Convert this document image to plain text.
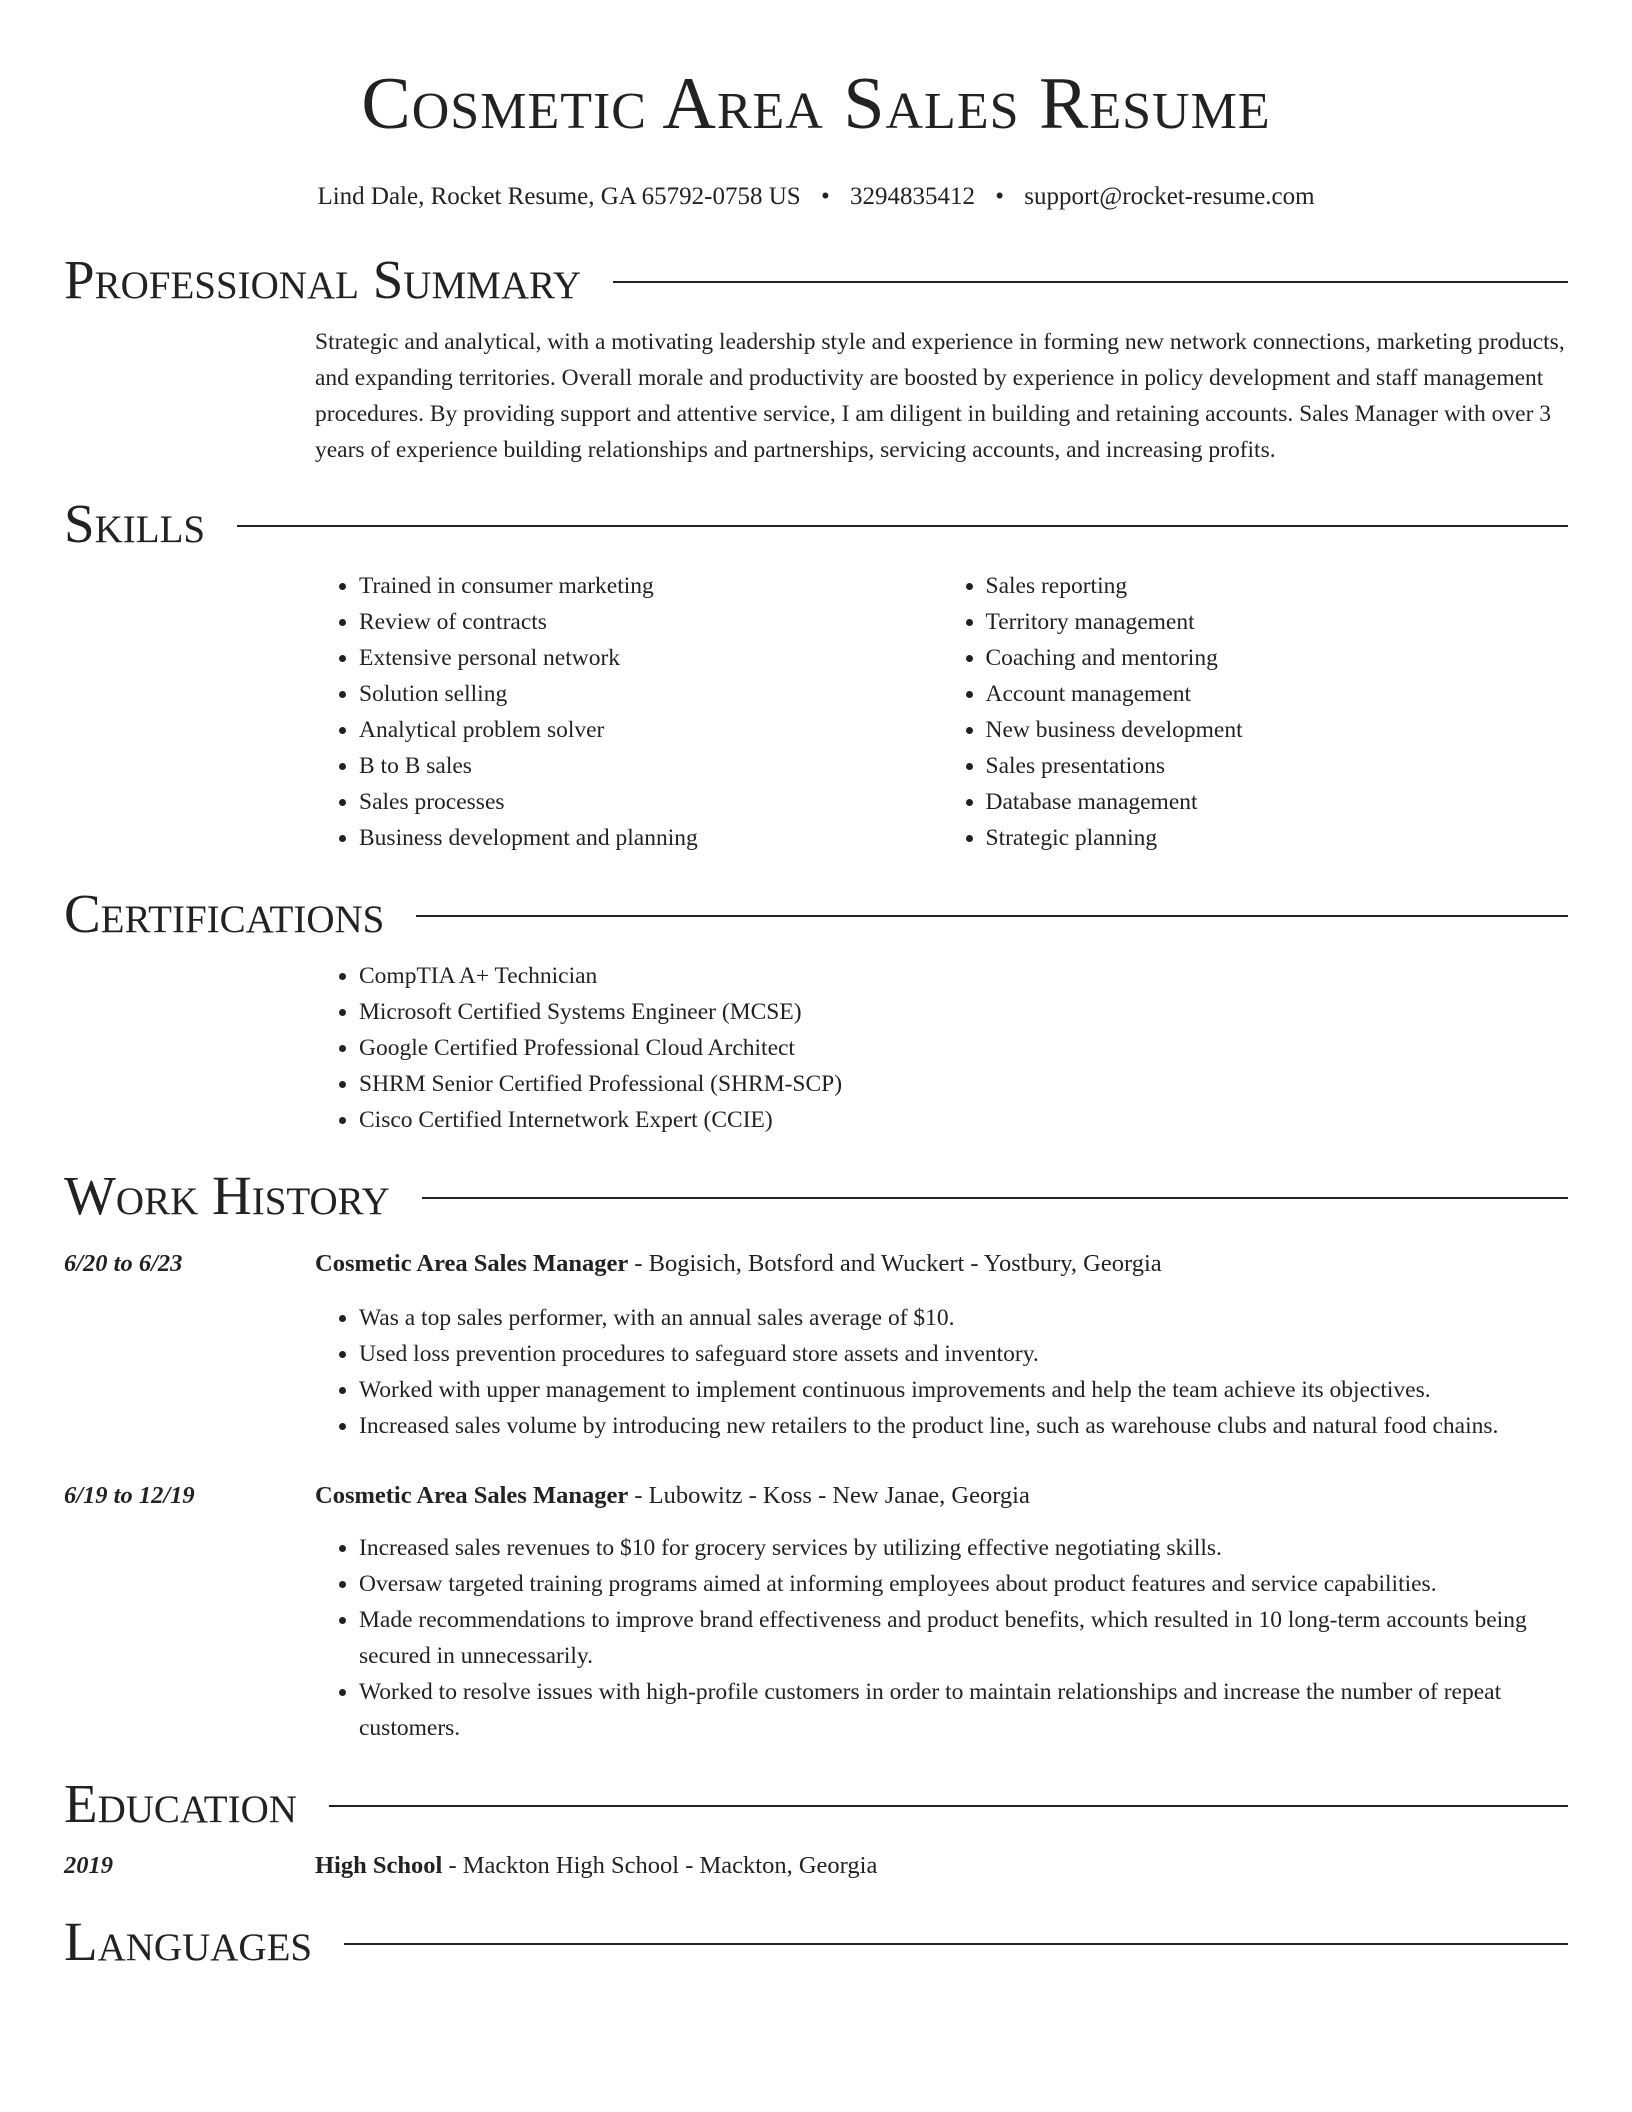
Cosmetic Area Sales Resume
Lind Dale, Rocket Resume, GA 65792-0758 US • 3294835412 • support@rocket-resume.com
Professional Summary

Strategic and analytical, with a motivating leadership style and experience in forming new network connections, marketing products, and expanding territories. Overall morale and productivity are boosted by experience in policy development and staff management procedures. By providing support and attentive service, I am diligent in building and retaining accounts. Sales Manager with over 3 years of experience building relationships and partnerships, servicing accounts, and increasing profits.

Skills
• Trained in consumer marketing
• Review of contracts
• Extensive personal network
• Solution selling
• Analytical problem solver
• B to B sales
• Sales processes
• Business development and planning
• Sales reporting
• Territory management
• Coaching and mentoring
• Account management
• New business development
• Sales presentations
• Database management
• Strategic planning
Certifications
• CompTIA A+ Technician
• Microsoft Certified Systems Engineer (MCSE)
• Google Certified Professional Cloud Architect
• SHRM Senior Certified Professional (SHRM-SCP)
• Cisco Certified Internetwork Expert (CCIE)
Work History
6/20 to 6/23	Cosmetic Area Sales Manager - Bogisich, Botsford and Wuckert - Yostbury, Georgia
• Was a top sales performer, with an annual sales average of $10.
• Used loss prevention procedures to safeguard store assets and inventory.
• Worked with upper management to implement continuous improvements and help the team achieve its objectives.
• Increased sales volume by introducing new retailers to the product line, such as warehouse clubs and natural food chains.
6/19 to 12/19	Cosmetic Area Sales Manager - Lubowitz - Koss - New Janae, Georgia
• Increased sales revenues to $10 for grocery services by utilizing effective negotiating skills.
• Oversaw targeted training programs aimed at informing employees about product features and service capabilities.
• Made recommendations to improve brand effectiveness and product benefits, which resulted in 10 long-term accounts being secured in unnecessarily.
• Worked to resolve issues with high-profile customers in order to maintain relationships and increase the number of repeat customers.
Education
2019	High School - Mackton High School - Mackton, Georgia
Languages
